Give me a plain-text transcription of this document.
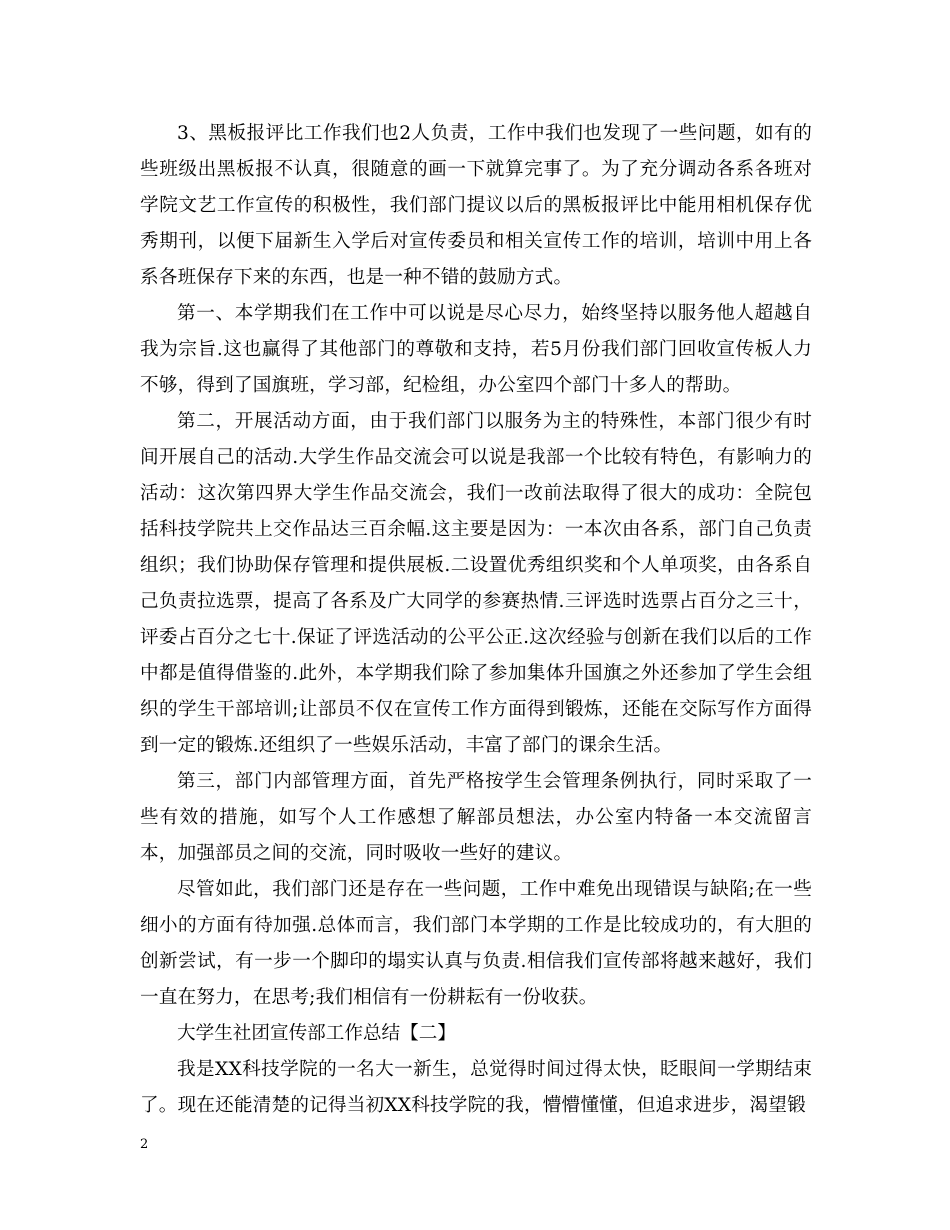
3、黑板报评比工作我们也2人负责，工作中我们也发现了一些问题，如有的些班级出黑板报不认真，很随意的画一下就算完事了。为了充分调动各系各班对学院文艺工作宣传的积极性，我们部门提议以后的黑板报评比中能用相机保存优秀期刊，以便下届新生入学后对宣传委员和相关宣传工作的培训，培训中用上各系各班保存下来的东西，也是一种不错的鼓励方式。

第一、本学期我们在工作中可以说是尽心尽力，始终坚持以服务他人超越自我为宗旨.这也赢得了其他部门的尊敬和支持，若5月份我们部门回收宣传板人力不够，得到了国旗班，学习部，纪检组，办公室四个部门十多人的帮助。

第二，开展活动方面，由于我们部门以服务为主的特殊性，本部门很少有时间开展自己的活动.大学生作品交流会可以说是我部一个比较有特色，有影响力的活动：这次第四界大学生作品交流会，我们一改前法取得了很大的成功：全院包括科技学院共上交作品达三百余幅.这主要是因为：一本次由各系，部门自己负责组织；我们协助保存管理和提供展板.二设置优秀组织奖和个人单项奖，由各系自己负责拉选票，提高了各系及广大同学的参赛热情.三评选时选票占百分之三十，评委占百分之七十.保证了评选活动的公平公正.这次经验与创新在我们以后的工作中都是值得借鉴的.此外，本学期我们除了参加集体升国旗之外还参加了学生会组织的学生干部培训;让部员不仅在宣传工作方面得到锻炼，还能在交际写作方面得到一定的锻炼.还组织了一些娱乐活动，丰富了部门的课余生活。

第三，部门内部管理方面，首先严格按学生会管理条例执行，同时采取了一些有效的措施，如写个人工作感想了解部员想法，办公室内特备一本交流留言本，加强部员之间的交流，同时吸收一些好的建议。

尽管如此，我们部门还是存在一些问题，工作中难免出现错误与缺陷;在一些细小的方面有待加强.总体而言，我们部门本学期的工作是比较成功的，有大胆的创新尝试，有一步一个脚印的塌实认真与负责.相信我们宣传部将越来越好，我们一直在努力，在思考;我们相信有一份耕耘有一份收获。

大学生社团宣传部工作总结【二】

我是XX科技学院的一名大一新生，总觉得时间过得太快，眨眼间一学期结束了。现在还能清楚的记得当初XX科技学院的我，懵懵懂懂，但追求进步，渴望锻

2
